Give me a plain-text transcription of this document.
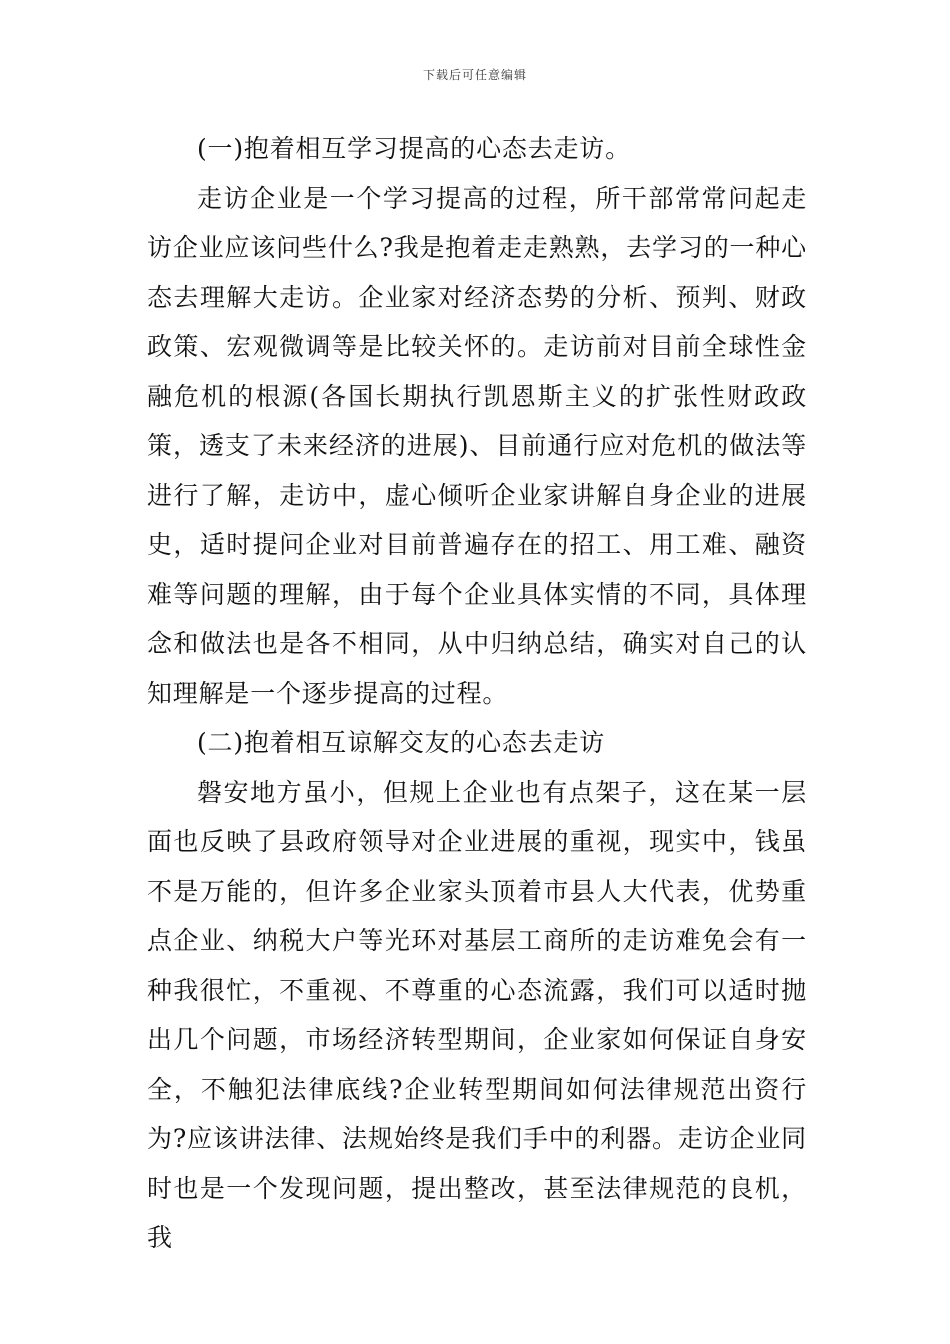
下载后可任意编辑

(一)抱着相互学习提高的心态去走访。

走访企业是一个学习提高的过程，所干部常常问起走访企业应该问些什么?我是抱着走走熟熟，去学习的一种心态去理解大走访。企业家对经济态势的分析、预判、财政政策、宏观微调等是比较关怀的。走访前对目前全球性金融危机的根源(各国长期执行凯恩斯主义的扩张性财政政策，透支了未来经济的进展)、目前通行应对危机的做法等进行了解，走访中，虚心倾听企业家讲解自身企业的进展史，适时提问企业对目前普遍存在的招工、用工难、融资难等问题的理解，由于每个企业具体实情的不同，具体理念和做法也是各不相同，从中归纳总结，确实对自己的认知理解是一个逐步提高的过程。

(二)抱着相互谅解交友的心态去走访

磐安地方虽小，但规上企业也有点架子，这在某一层面也反映了县政府领导对企业进展的重视，现实中，钱虽不是万能的，但许多企业家头顶着市县人大代表，优势重点企业、纳税大户等光环对基层工商所的走访难免会有一种我很忙，不重视、不尊重的心态流露，我们可以适时抛出几个问题，市场经济转型期间，企业家如何保证自身安全，不触犯法律底线?企业转型期间如何法律规范出资行为?应该讲法律、法规始终是我们手中的利器。走访企业同时也是一个发现问题，提出整改，甚至法律规范的良机，我
